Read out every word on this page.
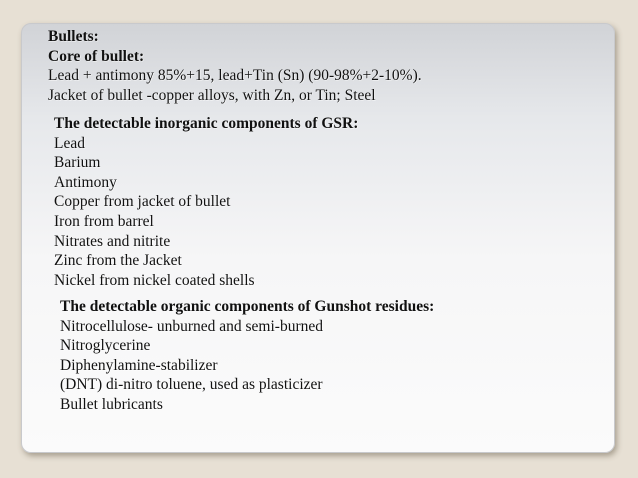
Bullets:
Core of bullet:
Lead + antimony 85%+15, lead+Tin (Sn) (90-98%+2-10%).
Jacket of bullet -copper alloys, with Zn, or Tin; Steel
The detectable inorganic components of GSR:
Lead
Barium
Antimony
Copper from jacket of bullet
Iron from barrel
Nitrates and nitrite
Zinc from the Jacket
Nickel from nickel coated shells
The detectable organic components of Gunshot residues:
Nitrocellulose- unburned and semi-burned
Nitroglycerine
Diphenylamine-stabilizer
(DNT) di-nitro toluene, used as plasticizer
Bullet lubricants
